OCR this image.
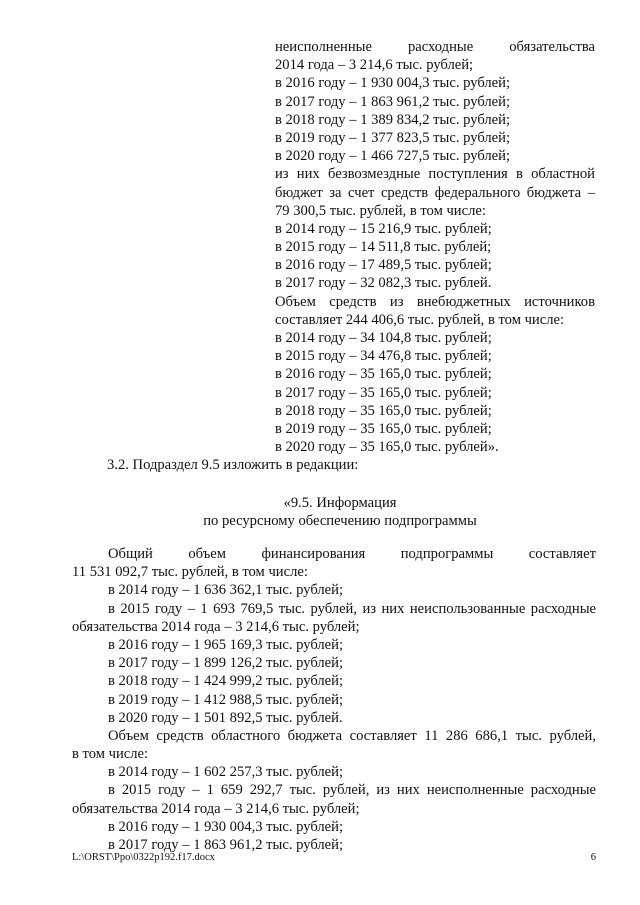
неисполненные расходные обязательства
2014 года – 3 214,6 тыс. рублей;
в 2016 году – 1 930 004,3 тыс. рублей;
в 2017 году – 1 863 961,2 тыс. рублей;
в 2018 году – 1 389 834,2 тыс. рублей;
в 2019 году – 1 377 823,5 тыс. рублей;
в 2020 году – 1 466 727,5 тыс. рублей;
из них безвозмездные поступления в областной
бюджет за счет средств федерального бюджета –
79 300,5 тыс. рублей, в том числе:
в 2014 году – 15 216,9 тыс. рублей;
в 2015 году – 14 511,8 тыс. рублей;
в 2016 году – 17 489,5 тыс. рублей;
в 2017 году – 32 082,3 тыс. рублей.
Объем средств из внебюджетных источников
составляет 244 406,6 тыс. рублей, в том числе:
в 2014 году – 34 104,8 тыс. рублей;
в 2015 году – 34 476,8 тыс. рублей;
в 2016 году – 35 165,0 тыс. рублей;
в 2017 году – 35 165,0 тыс. рублей;
в 2018 году – 35 165,0 тыс. рублей;
в 2019 году – 35 165,0 тыс. рублей;
в 2020 году – 35 165,0 тыс. рублей».
3.2. Подраздел 9.5 изложить в редакции:
«9.5. Информация
по ресурсному обеспечению подпрограммы
Общий объем финансирования подпрограммы составляет
11 531 092,7 тыс. рублей, в том числе:
в 2014 году – 1 636 362,1 тыс. рублей;
в 2015 году – 1 693 769,5 тыс. рублей, из них неиспользованные расходные
обязательства 2014 года – 3 214,6 тыс. рублей;
в 2016 году – 1 965 169,3 тыс. рублей;
в 2017 году – 1 899 126,2 тыс. рублей;
в 2018 году – 1 424 999,2 тыс. рублей;
в 2019 году – 1 412 988,5 тыс. рублей;
в 2020 году – 1 501 892,5 тыс. рублей.
Объем средств областного бюджета составляет 11 286 686,1 тыс. рублей,
в том числе:
в 2014 году – 1 602 257,3 тыс. рублей;
в 2015 году – 1 659 292,7 тыс. рублей, из них неисполненные расходные
обязательства 2014 года – 3 214,6 тыс. рублей;
в 2016 году – 1 930 004,3 тыс. рублей;
в 2017 году – 1 863 961,2 тыс. рублей;
L:\ORST\Ppo\0322p192.f17.docx	6
